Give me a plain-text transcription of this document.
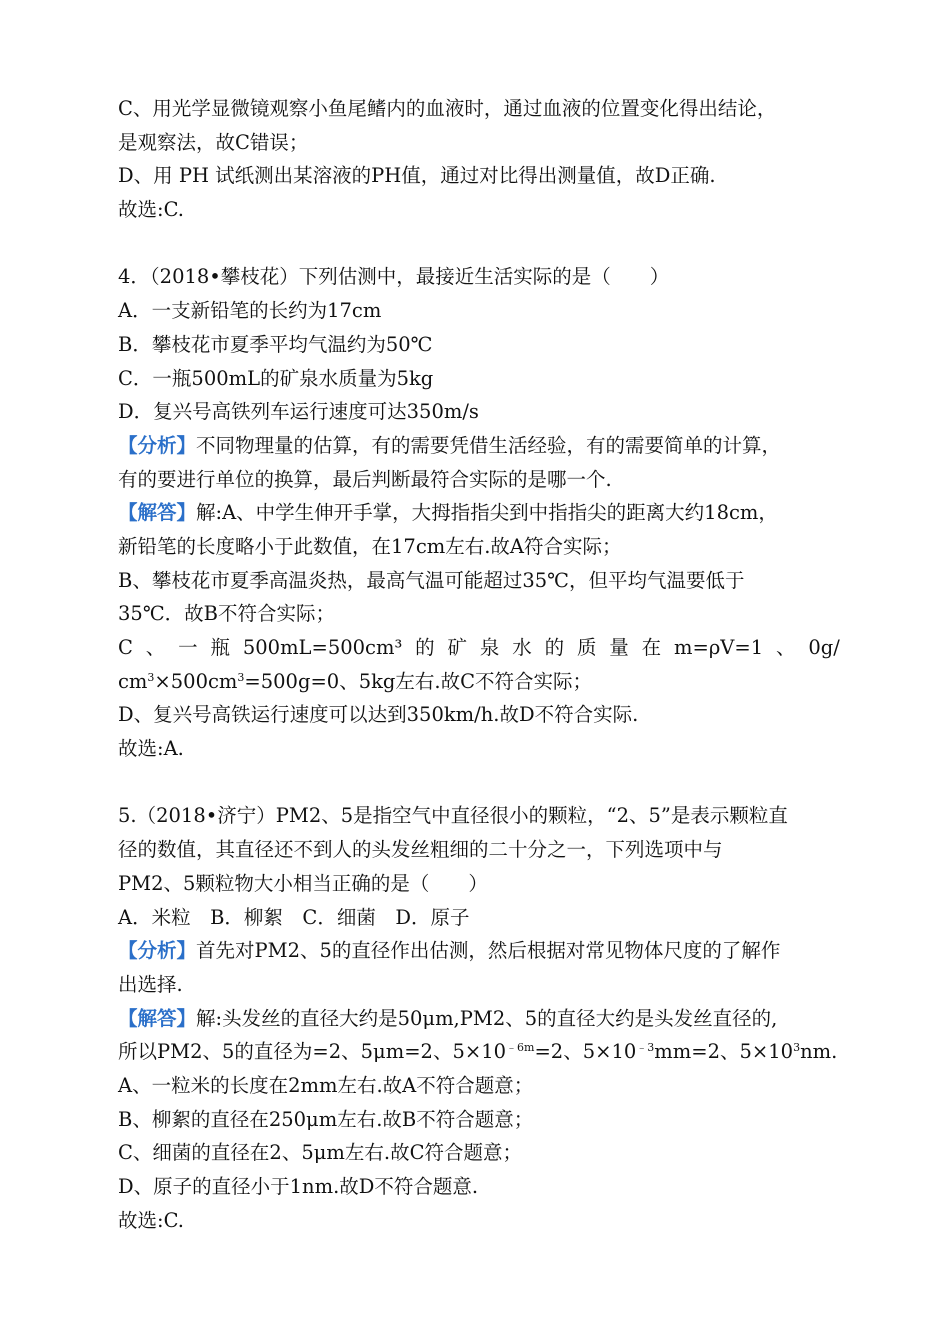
C、用光学显微镜观察小鱼尾鳍内的血液时，通过血液的位置变化得出结论，
是观察法，故C错误；
D、用 PH 试纸测出某溶液的PH值，通过对比得出测量值，故D正确.
故选:C.
4．（2018•攀枝花）下列估测中，最接近生活实际的是（　　）
A．一支新铅笔的长约为17cm
B．攀枝花市夏季平均气温约为50℃
C．一瓶500mL的矿泉水质量为5kg
D．复兴号高铁列车运行速度可达350m/s
【分析】不同物理量的估算，有的需要凭借生活经验，有的需要简单的计算，
有的要进行单位的换算，最后判断最符合实际的是哪一个.
【解答】解:A、中学生伸开手掌，大拇指指尖到中指指尖的距离大约18cm，
新铅笔的长度略小于此数值，在17cm左右.故A符合实际；
B、攀枝花市夏季高温炎热，最高气温可能超过35℃，但平均气温要低于
35℃．故B不符合实际；
C 、 一 瓶 500mL=500cm³ 的 矿 泉 水 的 质 量 在 m=ρV=1 、 0g/
$cm^3\times 500cm^3=500g=0$、5kg左右.故C不符合实际；
D、复兴号高铁运行速度可以达到350km/h.故D不符合实际.
故选:A.
5.（2018•济宁）PM2、5是指空气中直径很小的颗粒，“2、5”是表示颗粒直
径的数值，其直径还不到人的头发丝粗细的二十分之一，下列选项中与
PM2、5颗粒物大小相当正确的是（　　）
A．米粒　B．柳絮　C．细菌　D．原子
【分析】首先对PM2、5的直径作出估测，然后根据对常见物体尺度的了解作
出选择.
【解答】解:头发丝的直径大约是50μm,PM2、5的直径大约是头发丝直径的,
所以PM2、5的直径为=2、5μm=2、$5\times 10^{﹣6m}=2$、$5\times 10^{﹣3}mm=2$、$5\times 10^3nm$.
A、一粒米的长度在2mm左右.故A不符合题意；
B、柳絮的直径在250μm左右.故B不符合题意；
C、细菌的直径在2、5μm左右.故C符合题意；
D、原子的直径小于1nm.故D不符合题意.
故选:C.
